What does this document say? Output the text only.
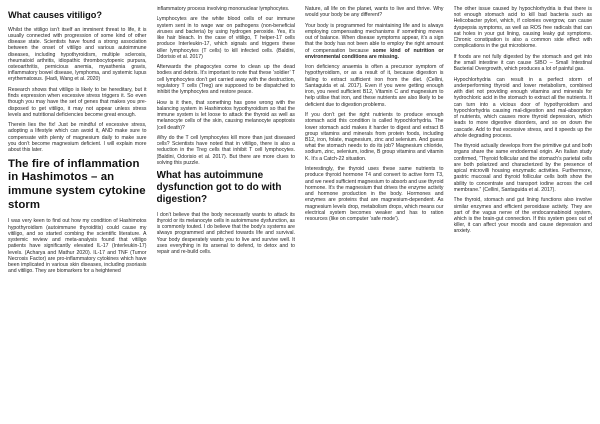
What causes vitiligo?

Whilst the vitiligo isn’t itself an imminent threat to life, it is usually connected with progression of some kind of other disease state. Scientists have found a strong association between the onset of vitiligo and various autoimmune diseases, including hypothyroidism, multiple sclerosis, rheumatoid arthritis, idiopathic thrombocytopenic purpura, osteoarthritis, pernicious anemia, myasthenia gravis, inflammatory bowel disease, lymphoma, and systemic lupus erythematosus. (Hadi, Wang et al. 2020)

Research shows that vitiligo is likely to be hereditary, but it finds expression when excessive stress triggers it. So even though you may have the set of genes that makes you pre-disposed to get vitiligo, it may not appear unless stress levels and nutritional deficiencies become great enough.

Therein lies the fix! Just be mindful of excessive stress, adopting a lifestyle which can avoid it, AND make sure to compensate with plenty of magnesium daily to make sure you don’t become magnesium deficient. I will explain more about this later.

The fire of inflammation in Hashimotos – an immune system cytokine storm

I was very keen to find out how my condition of Hashimotos hypothyroidism (autoimmune thyroiditis) could cause my vitiligo, and so started combing the scientific literature. A systemic review and meta-analysis found that vitiligo patients have significantly elevated IL-17 (Interleukin-17) levels. (Acharya and Mathur 2020). IL-17 and TNF (Tumor Necrosis Factor) are pro-inflammatory cytokines which have been implicated in various skin diseases, including psoriasis and vitiligo. They are biomarkers for a heightened

inflammatory process involving mononuclear lymphocytes.

Lymphocytes are the white blood cells of our immune system sent in to wage war on pathogens (non-beneficial viruses and bacteria) by using hydrogen peroxide. Yes, it’s like hair bleach. In the case of vitiligo, T helper-17 cells produce Interleukin-17, which signals and triggers these killer lymphocytes (T cells) to kill infected cells. (Baldini, Odorisio et al. 2017)

Afterwards the phagocytes come to clean up the dead bodies and debris. It’s important to note that these ‘soldier’ T cell lymphocytes don’t get carried away with the destruction, regulatory T cells (Treg) are supposed to be dispatched to inhibit the lymphocytes and restore peace.

How is it then, that something has gone wrong with the balancing system in Hashimotos hypothyroidism so that the immune system is let loose to attack the thyroid as well as melanocyte cells of the skin, causing melanocyte apoptosis (cell death)?

Why do the T cell lymphocytes kill more than just diseased cells? Scientists have noted that in vitiligo, there is also a reduction in the Treg cells that inhibit T cell lymphocytes. (Baldini, Odorisio et al. 2017). But there are more clues to solving this puzzle.

What has autoimmune dysfunction got to do with digestion?

I don’t believe that the body necessarily wants to attack its thyroid or its melanocyte cells in autoimmune dysfunction, as is commonly touted. I do believe that the body’s systems are always programmed and pitched towards life and survival. Your body desperately wants you to live and survive well. It uses everything in its arsenal to defend, to detox and to repair and re-build cells.

Nature, all life on the planet, wants to live and thrive. Why would your body be any different?

Your body is programmed for maintaining life and is always employing compensating mechanisms if something moves out of balance. When disease symptoms appear, it’s a sign that the body has not been able to employ the right amount of compensation because some kind of nutrition or environmental conditions are missing.

Iron deficiency anaemia is often a precursor symptom of hypothyroidism, or as a result of it, because digestion is failing to extract sufficient iron from the diet. (Cellini, Santaguida et al. 2017). Even if you were getting enough iron, you need sufficient B12, Vitamin C and magnesium to help utilise that iron, and these nutrients are also likely to be deficient due to digestion problems.

If you don’t get the right nutrients to produce enough stomach acid this condition is called hypochlorhydria. The lower stomach acid makes it harder to digest and extract B group vitamins and minerals from protein foods, including B12, iron, folate, magnesium, zinc and selenium. And guess what the stomach needs to do its job? Magnesium chloride, sodium, zinc, selenium, iodine, B group vitamins and vitamin K. It’s a Catch-22 situation.

Interestingly, the thyroid uses these same nutrients to produce thyroid hormone T4 and convert to active form T3, and we need sufficient magnesium to absorb and use thyroid hormone. It’s the magnesium that drives the enzyme activity and hormone production in the body. Hormones and enzymes are proteins that are magnesium-dependent. As magnesium levels drop, metabolism drops, which means our electrical system becomes weaker and has to ration resources (like on computer ‘safe mode’).

The other issue caused by hypochlorhydria is that there is not enough stomach acid to kill bad bacteria such as Helicobacter pylori, which, if colonies overgrow, can cause dyspepsia symptoms, as well as ROS free radicals that can eat holes in your gut lining, causing leaky gut symptoms. Chronic constipation is also a common side effect with complications in the gut microbiome.

If foods are not fully digested by the stomach and get into the small intestine it can cause SIBO – Small Intestinal Bacterial Overgrowth, which produces a lot of painful gas.

Hypochlorhydria can result in a perfect storm of underperforming thyroid and lower metabolism, combined with diet not providing enough vitamins and minerals for hydrochloric acid in the stomach to extract all the nutrients. It can turn into a vicious door of hypothyroidism and hypochlorhydria causing mal-digestion and mal-absorption of nutrients, which causes more thyroid depression, which leads to more digestive disorders, and so on down the cascade. Add to that excessive stress, and it speeds up the whole degrading process.

The thyroid actually develops from the primitive gut and both organs share the same endodermal origin. An Italian study confirmed, “Thyroid follicular and the stomach’s parietal cells are both polarized and characterized by the presence of apical microvilli housing enzymatic activities. Furthermore, gastric mucosal and thyroid follicular cells both show the ability to concentrate and transport iodine across the cell membrane.” (Cellini, Santaguida et al. 2017).

The thyroid, stomach and gut lining functions also involve similar enzymes and efficient peroxidase activity. They are part of the vagus nerve of the endocannabinoid system, which is the brain-gut connection. If this system goes out of killer, it can affect your moods and cause depression and anxiety.
